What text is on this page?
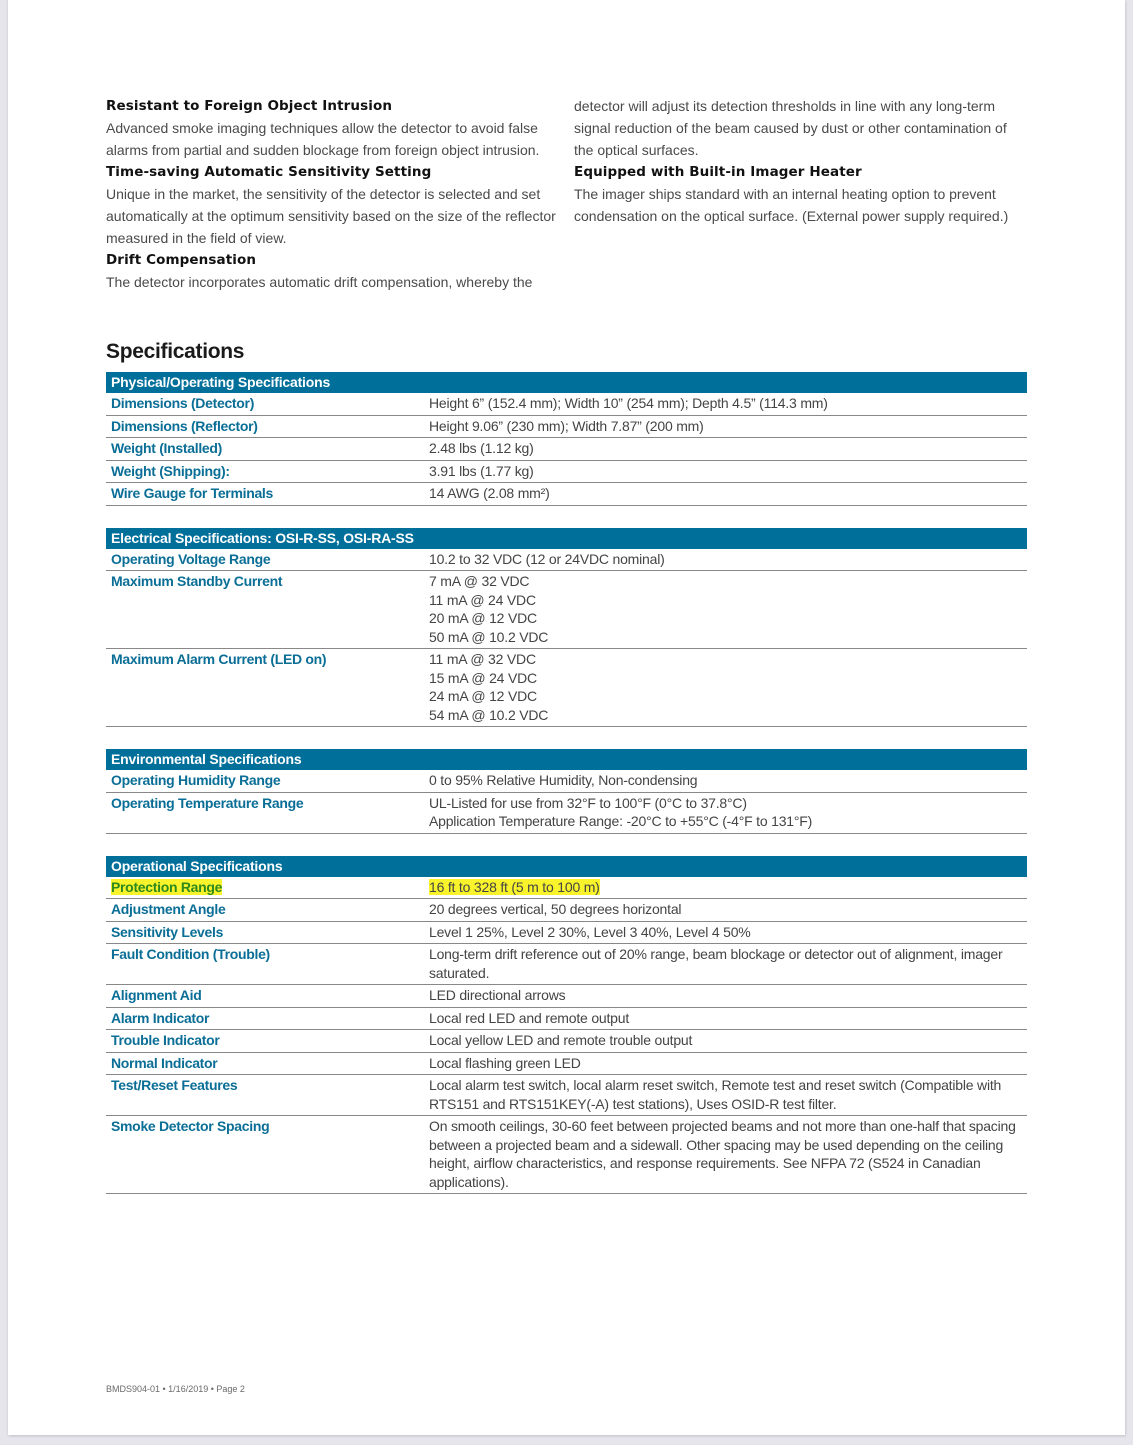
Resistant to Foreign Object Intrusion
Advanced smoke imaging techniques allow the detector to avoid false alarms from partial and sudden blockage from foreign object intrusion.
Time-saving Automatic Sensitivity Setting
Unique in the market, the sensitivity of the detector is selected and set automatically at the optimum sensitivity based on the size of the reflector measured in the field of view.
Drift Compensation
The detector incorporates automatic drift compensation, whereby the
detector will adjust its detection thresholds in line with any long-term signal reduction of the beam caused by dust or other contamination of the optical surfaces.
Equipped with Built-in Imager Heater
The imager ships standard with an internal heating option to prevent condensation on the optical surface. (External power supply required.)
Specifications
Physical/Operating Specifications
Dimensions (Detector)	Height 6” (152.4 mm); Width 10” (254 mm); Depth 4.5” (114.3 mm)
Dimensions (Reflector)	Height 9.06” (230 mm); Width 7.87” (200 mm)
Weight (Installed)	2.48 lbs (1.12 kg)
Weight (Shipping):	3.91 lbs (1.77 kg)
Wire Gauge for Terminals	14 AWG (2.08 mm²)
Electrical Specifications: OSI-R-SS, OSI-RA-SS
Operating Voltage Range	10.2 to 32 VDC (12 or 24VDC nominal)
Maximum Standby Current	7 mA @ 32 VDC
11 mA @ 24 VDC
20 mA @ 12 VDC
50 mA @ 10.2 VDC
Maximum Alarm Current (LED on)	11 mA @ 32 VDC
15 mA @ 24 VDC
24 mA @ 12 VDC
54 mA @ 10.2 VDC
Environmental Specifications
Operating Humidity Range	0 to 95% Relative Humidity, Non-condensing
Operating Temperature Range	UL-Listed for use from 32°F to 100°F (0°C to 37.8°C)
Application Temperature Range: -20°C to +55°C (-4°F to 131°F)
Operational Specifications
Protection Range	16 ft to 328 ft (5 m to 100 m)
Adjustment Angle	20 degrees vertical, 50 degrees horizontal
Sensitivity Levels	Level 1 25%, Level 2 30%, Level 3 40%, Level 4 50%
Fault Condition (Trouble)	Long-term drift reference out of 20% range, beam blockage or detector out of alignment, imager saturated.
Alignment Aid	LED directional arrows
Alarm Indicator	Local red LED and remote output
Trouble Indicator	Local yellow LED and remote trouble output
Normal Indicator	Local flashing green LED
Test/Reset Features	Local alarm test switch, local alarm reset switch, Remote test and reset switch (Compatible with RTS151 and RTS151KEY(-A) test stations), Uses OSID-R test filter.
Smoke Detector Spacing	On smooth ceilings, 30-60 feet between projected beams and not more than one-half that spacing between a projected beam and a sidewall. Other spacing may be used depending on the ceiling height, airflow characteristics, and response requirements. See NFPA 72 (S524 in Canadian applications).
BMDS904-01 • 1/16/2019 • Page 2
